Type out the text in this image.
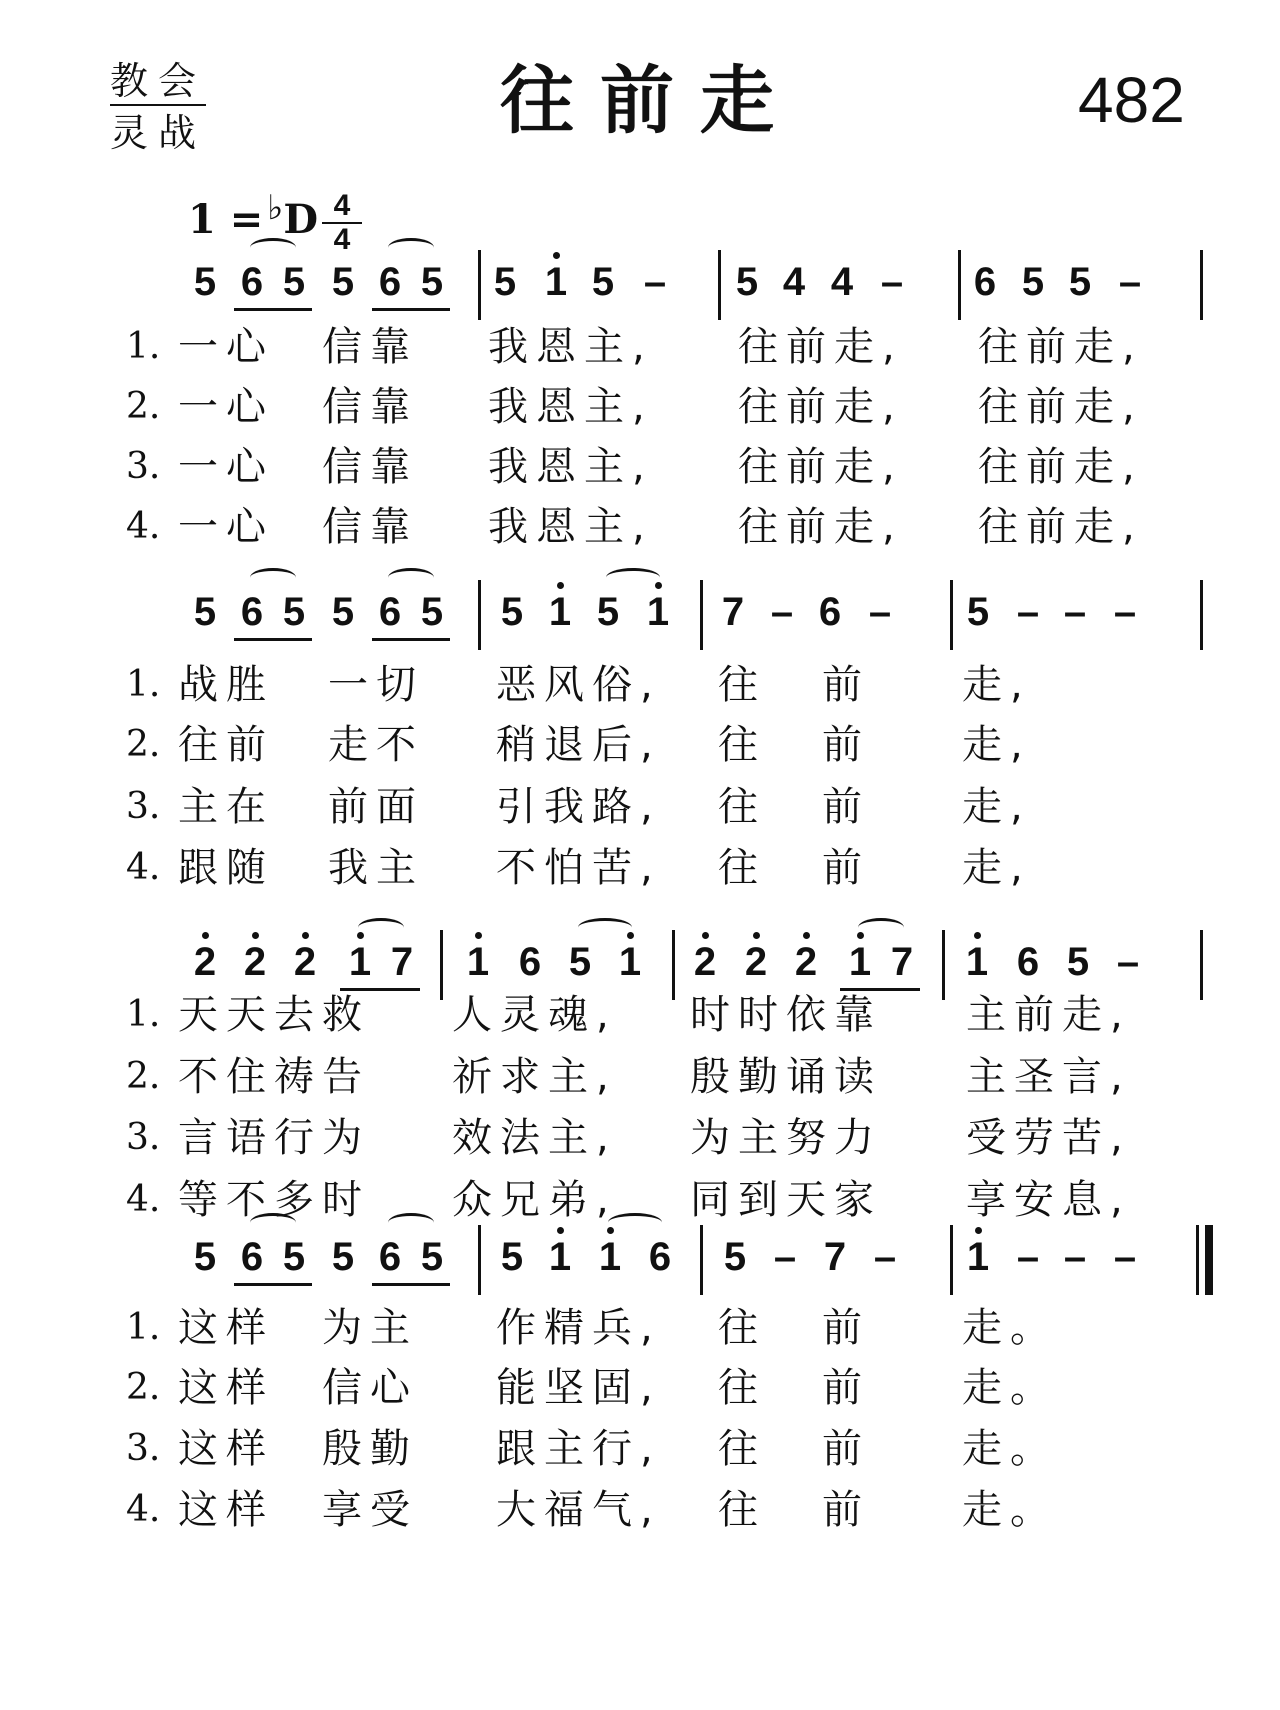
教会
灵战	往前走	482
$1 = ^♭D \frac{4}{4}$
5 6 5 5 6 5 5 1 5 – 5 4 4 – 6 5 5 –
1. 一心 信靠 我恩主, 往前走, 往前走,
2. 一心 信靠 我恩主, 往前走, 往前走,
3. 一心 信靠 我恩主, 往前走, 往前走,
4. 一心 信靠 我恩主, 往前走, 往前走,
5 6 5 5 6 5 5 1 5 1 7 – 6 – 5 – – –
1. 战胜 一切 恶风俗, 往 前 走,
2. 往前 走不 稍退后, 往 前 走,
3. 主在 前面 引我路, 往 前 走,
4. 跟随 我主 不怕苦, 往 前 走,
2 2 2 1 7 1 6 5 1 2 2 2 1 7 1 6 5 –
1. 天天去救 人灵魂, 时时依靠 主前走,
2. 不住祷告 祈求主, 殷勤诵读 主圣言,
3. 言语行为 效法主, 为主努力 受劳苦,
4. 等不多时 众兄弟, 同到天家 享安息,
5 6 5 5 6 5 5 1 1 6 5 – 7 – 1 – – –
1. 这样 为主 作精兵, 往 前 走。
2. 这样 信心 能坚固, 往 前 走。
3. 这样 殷勤 跟主行, 往 前 走。
4. 这样 享受 大福气, 往 前 走。
